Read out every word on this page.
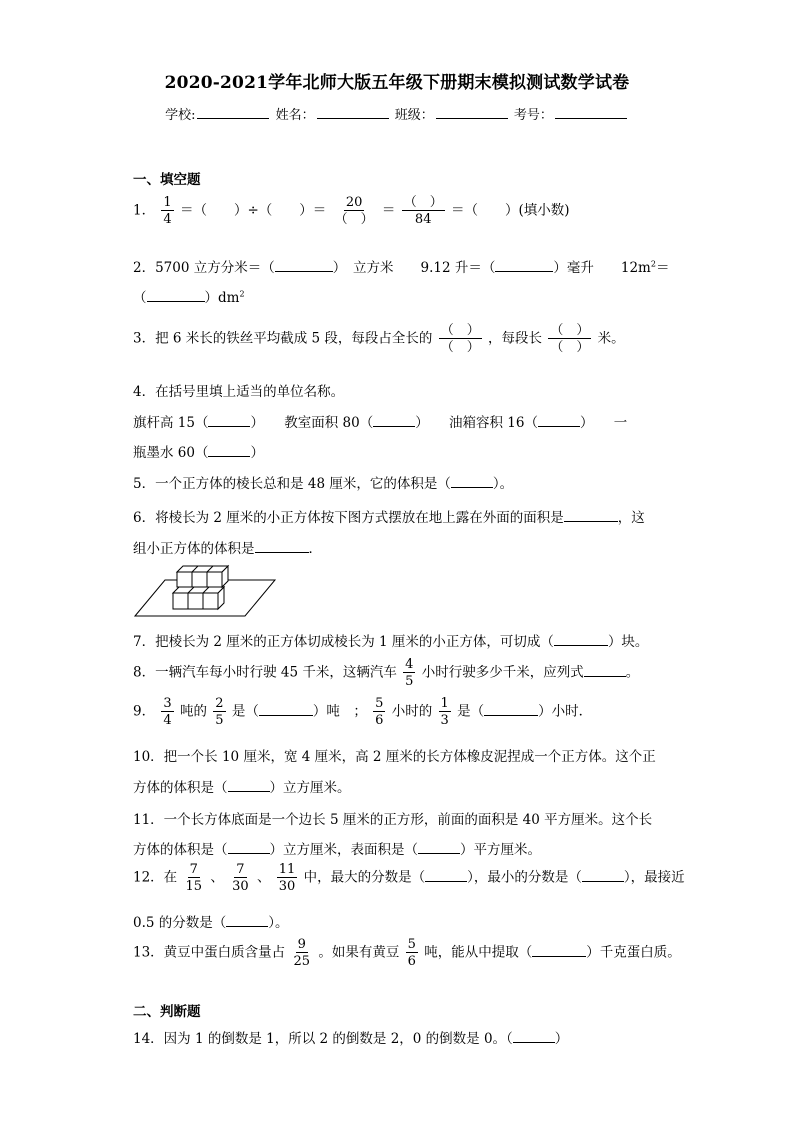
2020-2021学年北师大版五年级下册期末模拟测试数学试卷
学校:	姓名：	班级：	考号：
一、填空题
1． $\frac{1}{4}$ ＝（　　）÷（　　）＝ 20
（　）
＝ （　）
84
＝（　　）(填小数)
2．5700 立方分米＝（	）　立方米　　9.12 升＝（	）毫升　　$12m^2=$
（	）$dm^2$
3．把 6 米长的铁丝平均截成 5 段，每段占全长的 （　）
（　）
，每段长 （　）
（　）
米。
4．在括号里填上适当的单位名称。
旗杆高 15（	）　　教室面积 80（	）　　油箱容积 16（	）　　一
瓶墨水 60（	）
5．一个正方体的棱长总和是 48 厘米，它的体积是（	）。
6．将棱长为 2 厘米的小正方体按下图方式摆放在地上露在外面的面积是	，这
组小正方体的体积是	．
7．把棱长为 2 厘米的正方体切成棱长为 1 厘米的小正方体，可切成（	）块。
8．一辆汽车每小时行驶 45 千米，这辆汽车 $\frac{4}{5}$ 小时行驶多少千米，应列式	。
9． $\frac{3}{4}$ 吨的 $\frac{2}{5}$ 是（	）吨　； $\frac{5}{6}$ 小时的 $\frac{1}{3}$ 是（	）小时．
10．把一个长 10 厘米，宽 4 厘米，高 2 厘米的长方体橡皮泥捏成一个正方体。这个正
方体的体积是（	）立方厘米。
11．一个长方体底面是一个边长 5 厘米的正方形，前面的面积是 40 平方厘米。这个长
方体的体积是（	）立方厘米，表面积是（	）平方厘米。
12．在 $\frac{7}{15}$ 、 $\frac{7}{30}$ 、 $\frac{11}{30}$ 中，最大的分数是（	），最小的分数是（	），最接近
0.5 的分数是（	）。
13．黄豆中蛋白质含量占 $\frac{9}{25}$ 。如果有黄豆 $\frac{5}{6}$ 吨，能从中提取（	）千克蛋白质。
二、判断题
14．因为 1 的倒数是 1，所以 2 的倒数是 2，0 的倒数是 0。（	）
